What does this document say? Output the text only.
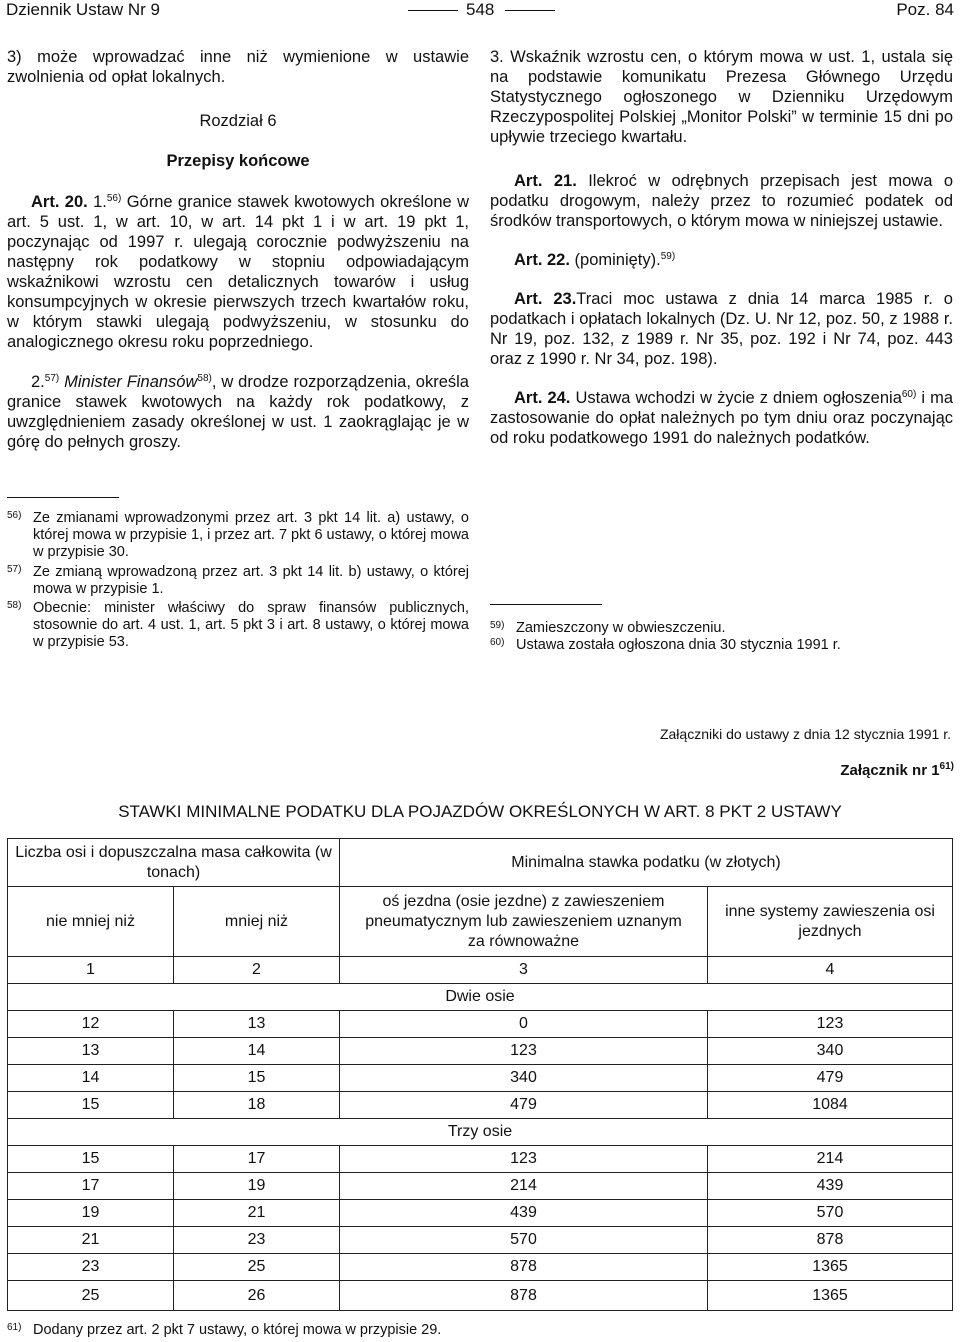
Dziennik Ustaw Nr 9	548	Poz. 84

3) może wprowadzać inne niż wymienione w ustawie zwolnienia od opłat lokalnych.

Rozdział 6

Przepisy końcowe

Art. 20. 1.$^{56)}$ Górne granice stawek kwotowych określone w art. 5 ust. 1, w art. 10, w art. 14 pkt 1 i w art. 19 pkt 1, poczynając od 1997 r. ulegają corocznie podwyższeniu na następny rok podatkowy w stopniu odpowiadającym wskaźnikowi wzrostu cen detalicznych towarów i usług konsumpcyjnych w okresie pierwszych trzech kwartałów roku, w którym stawki ulegają podwyższeniu, w stosunku do analogicznego okresu roku poprzedniego.

2.$^{57)}$ Minister Finansów$^{58)}$, w drodze rozporządzenia, określa granice stawek kwotowych na każdy rok podatkowy, z uwzględnieniem zasady określonej w ust. 1 zaokrąglając je w górę do pełnych groszy.

56) Ze zmianami wprowadzonymi przez art. 3 pkt 14 lit. a) ustawy, o której mowa w przypisie 1, i przez art. 7 pkt 6 ustawy, o której mowa w przypisie 30.
57) Ze zmianą wprowadzoną przez art. 3 pkt 14 lit. b) ustawy, o której mowa w przypisie 1.
58) Obecnie: minister właściwy do spraw finansów publicznych, stosownie do art. 4 ust. 1, art. 5 pkt 3 i art. 8 ustawy, o której mowa w przypisie 53.

3. Wskaźnik wzrostu cen, o którym mowa w ust. 1, ustala się na podstawie komunikatu Prezesa Głównego Urzędu Statystycznego ogłoszonego w Dzienniku Urzędowym Rzeczypospolitej Polskiej „Monitor Polski” w terminie 15 dni po upływie trzeciego kwartału.

Art. 21. Ilekroć w odrębnych przepisach jest mowa o podatku drogowym, należy przez to rozumieć podatek od środków transportowych, o którym mowa w niniejszej ustawie.

Art. 22. (pominięty).$^{59)}$

Art. 23.Traci moc ustawa z dnia 14 marca 1985 r. o podatkach i opłatach lokalnych (Dz. U. Nr 12, poz. 50, z 1988 r. Nr 19, poz. 132, z 1989 r. Nr 35, poz. 192 i Nr 74, poz. 443 oraz z 1990 r. Nr 34, poz. 198).

Art. 24. Ustawa wchodzi w życie z dniem ogłoszenia$^{60)}$ i ma zastosowanie do opłat należnych po tym dniu oraz poczynając od roku podatkowego 1991 do należnych podatków.

59) Zamieszczony w obwieszczeniu.
60) Ustawa została ogłoszona dnia 30 stycznia 1991 r.
Załączniki do ustawy z dnia 12 stycznia 1991 r.
Załącznik nr 1$^{61)}$
STAWKI MINIMALNE PODATKU DLA POJAZDÓW OKREŚLONYCH W ART. 8 PKT 2 USTAWY
Liczba osi i dopuszczalna masa całkowita (w tonach)		Minimalna stawka podatku (w złotych)	
nie mniej niż	mniej niż	oś jezdna (osie jezdne) z zawieszeniem pneumatycznym lub zawieszeniem uznanym za równoważne	inne systemy zawieszenia osi jezdnych
1	2	3	4
Dwie osie			
12	13	0	123
13	14	123	340
14	15	340	479
15	18	479	1084
Trzy osie			
15	17	123	214
17	19	214	439
19	21	439	570
21	23	570	878
23	25	878	1365
25	26	878	1365
61) Dodany przez art. 2 pkt 7 ustawy, o której mowa w przypisie 29.
